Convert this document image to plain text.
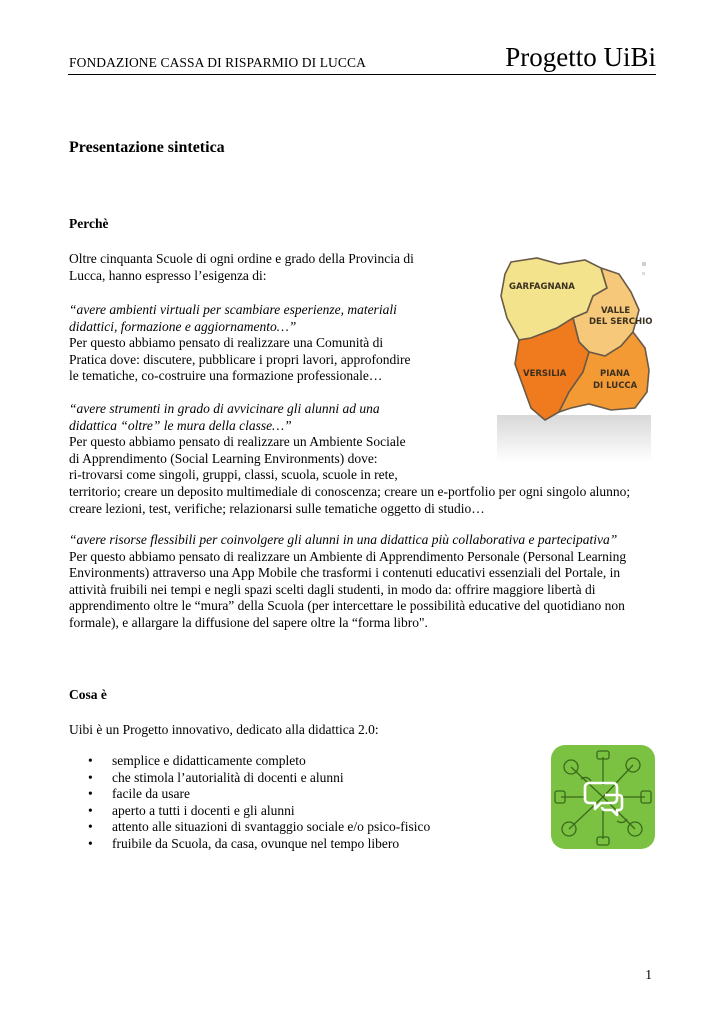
FONDAZIONE CASSA DI RISPARMIO DI LUCCA	Progetto UiBi
Presentazione sintetica
Perchè
Oltre cinquanta Scuole di ogni ordine e grado della Provincia di
Lucca, hanno espresso l’esigenza di:
“avere ambienti virtuali per scambiare esperienze, materiali
didattici, formazione e aggiornamento…”
Per questo abbiamo pensato di realizzare una Comunità di
Pratica dove: discutere, pubblicare i propri lavori, approfondire
le tematiche, co-costruire una formazione professionale…
“avere strumenti in grado di avvicinare gli alunni ad una
didattica “oltre” le mura della classe…”
Per questo abbiamo pensato di realizzare un Ambiente Sociale
di Apprendimento (Social Learning Environments) dove:
ri-trovarsi come singoli, gruppi, classi, scuola, scuole in rete,
territorio; creare un deposito multimediale di conoscenza; creare un e-portfolio per ogni singolo alunno;
creare lezioni, test, verifiche; relazionarsi sulle tematiche oggetto di studio…
“avere risorse flessibili per coinvolgere gli alunni in una didattica più collaborativa e partecipativa”
Per questo abbiamo pensato di realizzare un Ambiente di Apprendimento Personale (Personal Learning
Environments) attraverso una App Mobile che trasformi i contenuti educativi essenziali del Portale, in
attività fruibili nei tempi e negli spazi scelti dagli studenti, in modo da: offrire maggiore libertà di
apprendimento oltre le “mura” della Scuola (per intercettare le possibilità educative del quotidiano non
formale), e allargare la diffusione del sapere oltre la “forma libro".
GARFAGNANA
VALLE
DEL SERCHIO
VERSILIA	PIANA
DI LUCCA
Cosa è
Uibi è un Progetto innovativo, dedicato alla didattica 2.0:
• semplice e didatticamente completo
• che stimola l’autorialità di docenti e alunni
• facile da usare
• aperto a tutti i docenti e gli alunni
• attento alle situazioni di svantaggio sociale e/o psico-fisico
• fruibile da Scuola, da casa, ovunque nel tempo libero
1
